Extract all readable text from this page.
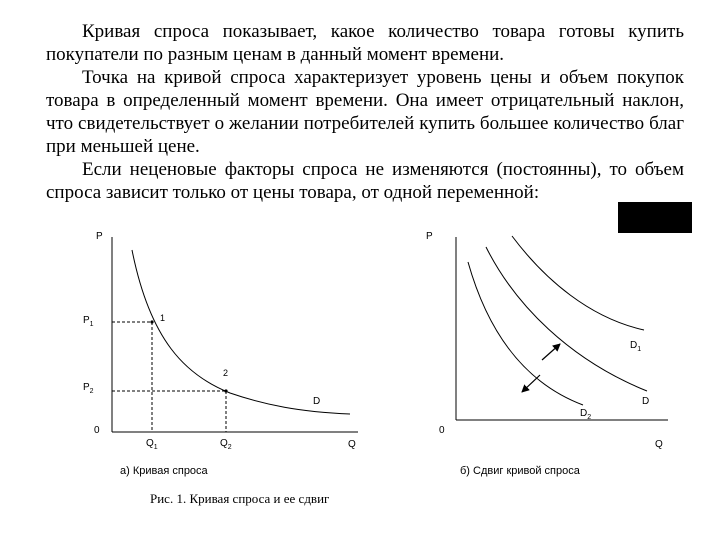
Кривая спроса показывает, какое количество товара готовы купить покупатели по разным ценам в данный момент времени.

Точка на кривой спроса характеризует уровень цены и объем покупок товара в определенный момент времени. Она имеет отрицательный наклон, что свидетельствует о желании потребителей купить большее количество благ при меньшей цене.

Если неценовые факторы спроса не изменяются (постоянны), то объем спроса зависит только от цены товара, от одной переменной:

P
0
Q
$P_1$
$P_2$
$Q_1$	$Q_2$
1
2
D
а) Кривая спроса
P
0
Q
$D_1$
D
$D_2$
б) Сдвиг кривой спроса
Рис. 1. Кривая спроса и ее сдвиг
